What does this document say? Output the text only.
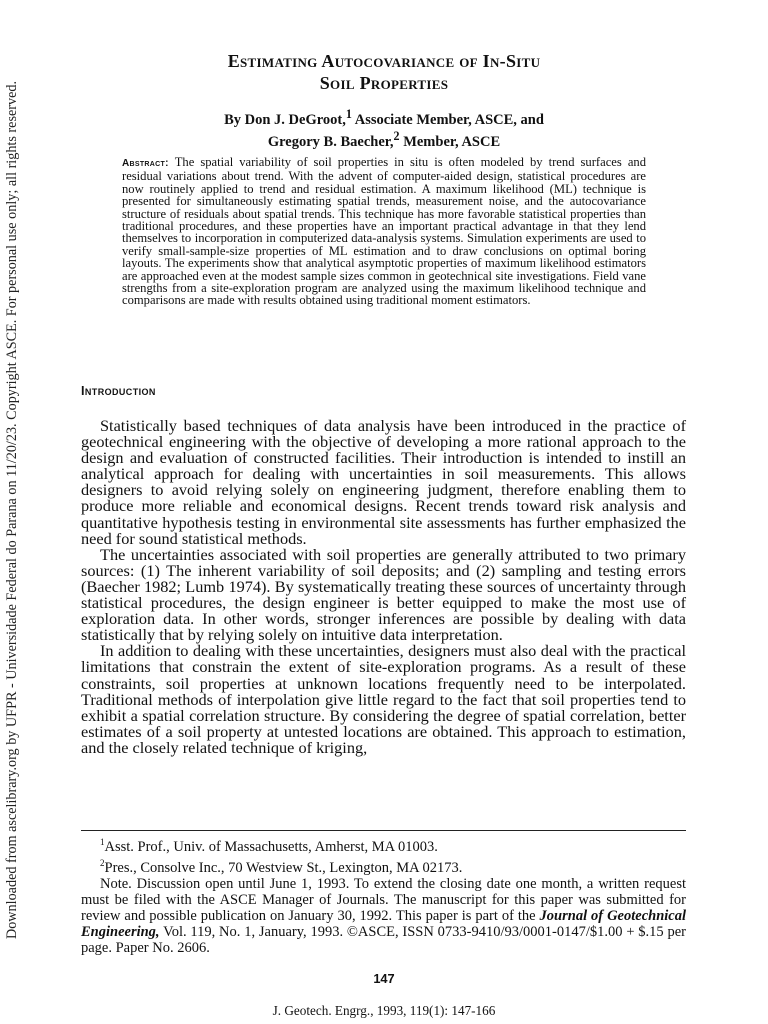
Downloaded from ascelibrary.org by UFPR - Universidade Federal do Parana on 11/20/23. Copyright ASCE. For personal use only; all rights reserved.
Estimating Autocovariance of In-Situ
Soil Properties
By Don J. DeGroot,$^1$ Associate Member, ASCE, and
Gregory B. Baecher,$^2$ Member, ASCE
Abstract: The spatial variability of soil properties in situ is often modeled by trend surfaces and residual variations about trend. With the advent of computer-aided design, statistical procedures are now routinely applied to trend and residual estimation. A maximum likelihood (ML) technique is presented for simultaneously estimating spatial trends, measurement noise, and the autocovariance structure of residuals about spatial trends. This technique has more favorable statistical properties than traditional procedures, and these properties have an important practical advantage in that they lend themselves to incorporation in computerized data-analysis systems. Simulation experiments are used to verify small-sample-size properties of ML estimation and to draw conclusions on optimal boring layouts. The experiments show that analytical asymptotic properties of maximum likelihood estimators are approached even at the modest sample sizes common in geotechnical site investigations. Field vane strengths from a site-exploration program are analyzed using the maximum likelihood technique and comparisons are made with results obtained using traditional moment estimators.
Introduction

Statistically based techniques of data analysis have been introduced in the practice of geotechnical engineering with the objective of developing a more rational approach to the design and evaluation of constructed facilities. Their introduction is intended to instill an analytical approach for dealing with uncertainties in soil measurements. This allows designers to avoid relying solely on engineering judgment, therefore enabling them to produce more reliable and economical designs. Recent trends toward risk analysis and quantitative hypothesis testing in environmental site assessments has further emphasized the need for sound statistical methods.

The uncertainties associated with soil properties are generally attributed to two primary sources: (1) The inherent variability of soil deposits; and (2) sampling and testing errors (Baecher 1982; Lumb 1974). By systematically treating these sources of uncertainty through statistical procedures, the design engineer is better equipped to make the most use of exploration data. In other words, stronger inferences are possible by dealing with data statistically that by relying solely on intuitive data interpretation.

In addition to dealing with these uncertainties, designers must also deal with the practical limitations that constrain the extent of site-exploration programs. As a result of these constraints, soil properties at unknown locations frequently need to be interpolated. Traditional methods of interpolation give little regard to the fact that soil properties tend to exhibit a spatial correlation structure. By considering the degree of spatial correlation, better estimates of a soil property at untested locations are obtained. This approach to estimation, and the closely related technique of kriging,

$^1$Asst. Prof., Univ. of Massachusetts, Amherst, MA 01003.

$^2$Pres., Consolve Inc., 70 Westview St., Lexington, MA 02173.

Note. Discussion open until June 1, 1993. To extend the closing date one month, a written request must be filed with the ASCE Manager of Journals. The manuscript for this paper was submitted for review and possible publication on January 30, 1992. This paper is part of the Journal of Geotechnical Engineering, Vol. 119, No. 1, January, 1993. ©ASCE, ISSN 0733-9410/93/0001-0147/$1.00 + $.15 per page. Paper No. 2606.

147
J. Geotech. Engrg., 1993, 119(1): 147-166
